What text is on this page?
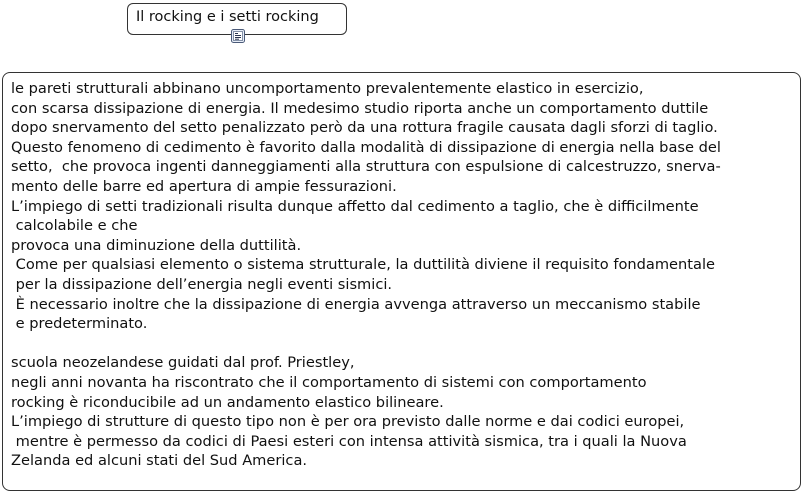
Il rocking e i setti rocking
le pareti strutturali abbinano uncomportamento prevalentemente elastico in esercizio,
con scarsa dissipazione di energia. Il medesimo studio riporta anche un comportamento duttile
dopo snervamento del setto penalizzato però da una rottura fragile causata dagli sforzi di taglio.
Questo fenomeno di cedimento è favorito dalla modalità di dissipazione di energia nella base del
setto,  che provoca ingenti danneggiamenti alla struttura con espulsione di calcestruzzo, snerva-
mento delle barre ed apertura di ampie fessurazioni.
L’impiego di setti tradizionali risulta dunque affetto dal cedimento a taglio, che è difficilmente
calcolabile e che
provoca una diminuzione della duttilità.
Come per qualsiasi elemento o sistema strutturale, la duttilità diviene il requisito fondamentale
per la dissipazione dell’energia negli eventi sismici.
È necessario inoltre che la dissipazione di energia avvenga attraverso un meccanismo stabile
e predeterminato.
scuola neozelandese guidati dal prof. Priestley,
negli anni novanta ha riscontrato che il comportamento di sistemi con comportamento
rocking è riconducibile ad un andamento elastico bilineare.
L’impiego di strutture di questo tipo non è per ora previsto dalle norme e dai codici europei,
mentre è permesso da codici di Paesi esteri con intensa attività sismica, tra i quali la Nuova
Zelanda ed alcuni stati del Sud America.
